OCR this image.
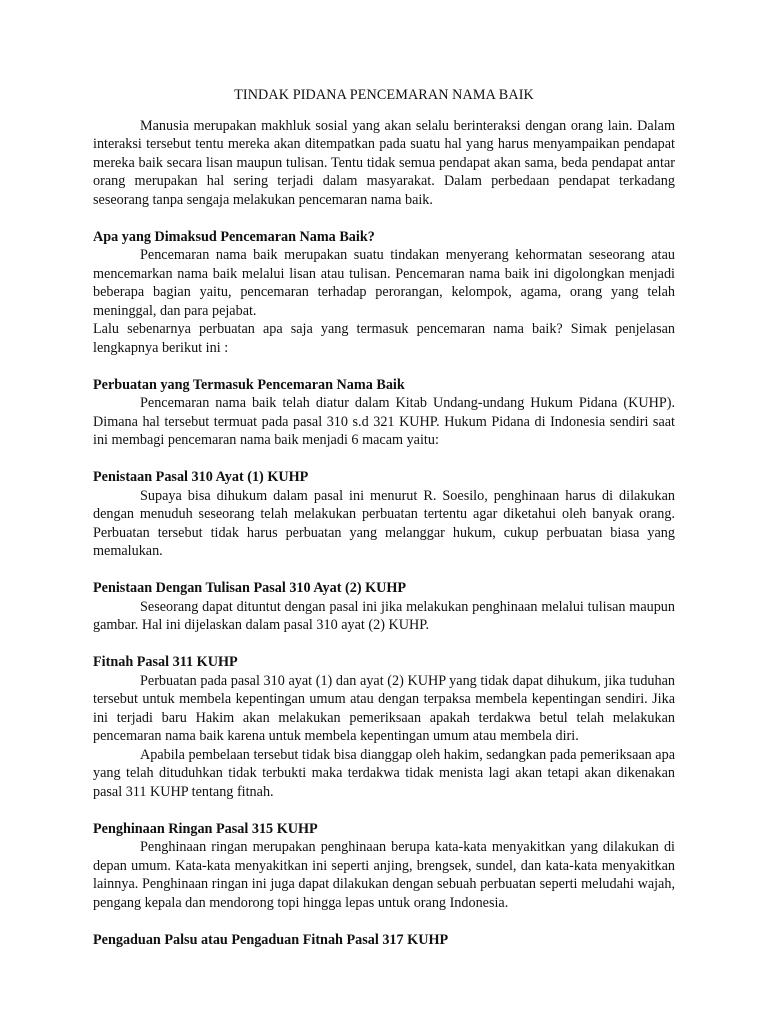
TINDAK PIDANA PENCEMARAN NAMA BAIK

Manusia merupakan makhluk sosial yang akan selalu berinteraksi dengan orang lain. Dalam interaksi tersebut tentu mereka akan ditempatkan pada suatu hal yang harus menyampaikan pendapat mereka baik secara lisan maupun tulisan. Tentu tidak semua pendapat akan sama, beda pendapat antar orang merupakan hal sering terjadi dalam masyarakat. Dalam perbedaan pendapat terkadang seseorang tanpa sengaja melakukan pencemaran nama baik.

Apa yang Dimaksud Pencemaran Nama Baik?

Pencemaran nama baik merupakan suatu tindakan menyerang kehormatan seseorang atau mencemarkan nama baik melalui lisan atau tulisan. Pencemaran nama baik ini digolongkan menjadi beberapa bagian yaitu, pencemaran terhadap perorangan, kelompok, agama, orang yang telah meninggal, dan para pejabat.

Lalu sebenarnya perbuatan apa saja yang termasuk pencemaran nama baik? Simak penjelasan lengkapnya berikut ini :

Perbuatan yang Termasuk Pencemaran Nama Baik

Pencemaran nama baik telah diatur dalam Kitab Undang-undang Hukum Pidana (KUHP). Dimana hal tersebut termuat pada pasal 310 s.d 321 KUHP. Hukum Pidana di Indonesia sendiri saat ini membagi pencemaran nama baik menjadi 6 macam yaitu:

Penistaan Pasal 310 Ayat (1) KUHP

Supaya bisa dihukum dalam pasal ini menurut R. Soesilo, penghinaan harus di dilakukan dengan menuduh seseorang telah melakukan perbuatan tertentu agar diketahui oleh banyak orang. Perbuatan tersebut tidak harus perbuatan yang melanggar hukum, cukup perbuatan biasa yang memalukan.

Penistaan Dengan Tulisan Pasal 310 Ayat (2) KUHP

Seseorang dapat dituntut dengan pasal ini jika melakukan penghinaan melalui tulisan maupun gambar. Hal ini dijelaskan dalam pasal 310 ayat (2) KUHP.

Fitnah Pasal 311 KUHP

Perbuatan pada pasal 310 ayat (1) dan ayat (2) KUHP yang tidak dapat dihukum, jika tuduhan tersebut untuk membela kepentingan umum atau dengan terpaksa membela kepentingan sendiri. Jika ini terjadi baru Hakim akan melakukan pemeriksaan apakah terdakwa betul telah melakukan pencemaran nama baik karena untuk membela kepentingan umum atau membela diri.

Apabila pembelaan tersebut tidak bisa dianggap oleh hakim, sedangkan pada pemeriksaan apa yang telah dituduhkan tidak terbukti maka terdakwa tidak menista lagi akan tetapi akan dikenakan pasal 311 KUHP tentang fitnah.

Penghinaan Ringan Pasal 315 KUHP

Penghinaan ringan merupakan penghinaan berupa kata-kata menyakitkan yang dilakukan di depan umum. Kata-kata menyakitkan ini seperti anjing, brengsek, sundel, dan kata-kata menyakitkan lainnya. Penghinaan ringan ini juga dapat dilakukan dengan sebuah perbuatan seperti meludahi wajah, pengang kepala dan mendorong topi hingga lepas untuk orang Indonesia.

Pengaduan Palsu atau Pengaduan Fitnah Pasal 317 KUHP
